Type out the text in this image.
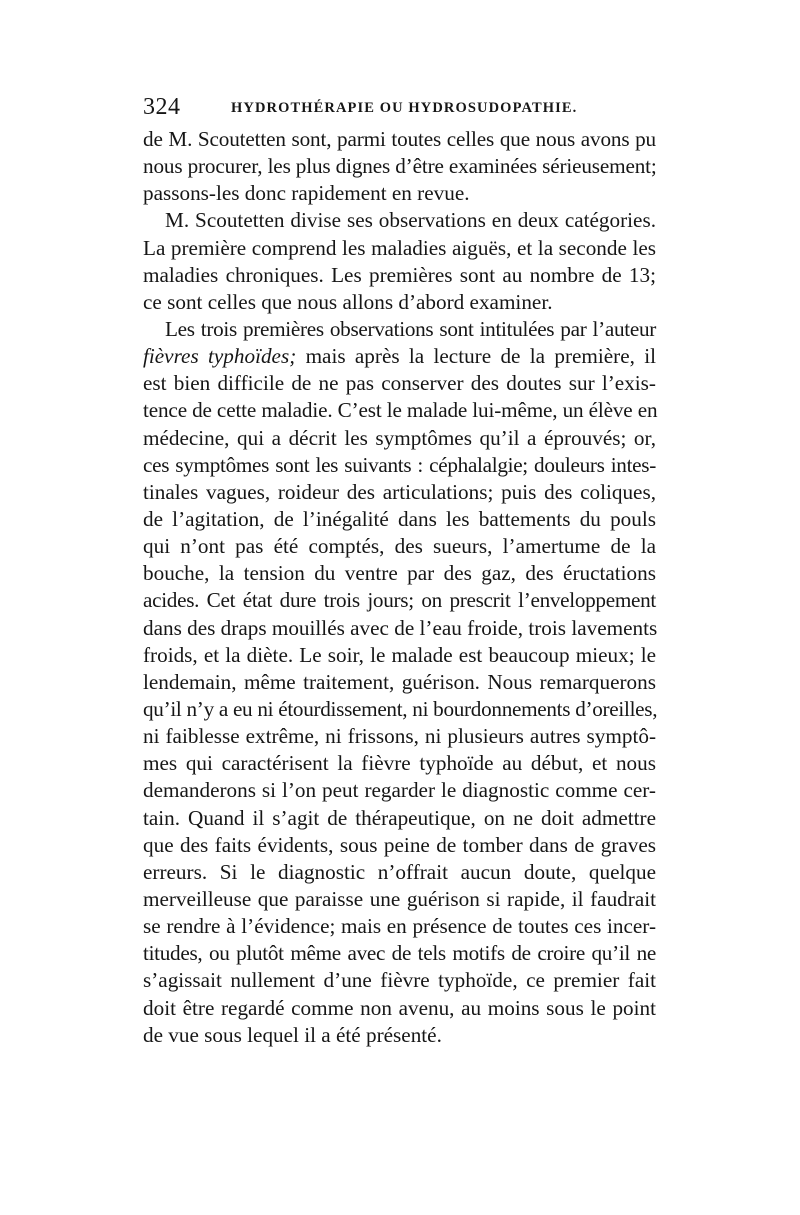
324	HYDROTHÉRAPIE OU HYDROSUDOPATHIE.
de M. Scoutetten sont, parmi toutes celles que nous avons pu
nous procurer, les plus dignes d’être examinées sérieusement;
passons-les donc rapidement en revue.
M. Scoutetten divise ses observations en deux catégories.
La première comprend les maladies aiguës, et la seconde les
maladies chroniques. Les premières sont au nombre de 13;
ce sont celles que nous allons d’abord examiner.
Les trois premières observations sont intitulées par l’auteur
fièvres typhoïdes; mais après la lecture de la première, il
est bien difficile de ne pas conserver des doutes sur l’exis-
tence de cette maladie. C’est le malade lui-même, un élève en
médecine, qui a décrit les symptômes qu’il a éprouvés; or,
ces symptômes sont les suivants : céphalalgie; douleurs intes-
tinales vagues, roideur des articulations; puis des coliques,
de l’agitation, de l’inégalité dans les battements du pouls
qui n’ont pas été comptés, des sueurs, l’amertume de la
bouche, la tension du ventre par des gaz, des éructations
acides. Cet état dure trois jours; on prescrit l’enveloppement
dans des draps mouillés avec de l’eau froide, trois lavements
froids, et la diète. Le soir, le malade est beaucoup mieux; le
lendemain, même traitement, guérison. Nous remarquerons
qu’il n’y a eu ni étourdissement, ni bourdonnements d’oreilles,
ni faiblesse extrême, ni frissons, ni plusieurs autres symptô-
mes qui caractérisent la fièvre typhoïde au début, et nous
demanderons si l’on peut regarder le diagnostic comme cer-
tain. Quand il s’agit de thérapeutique, on ne doit admettre
que des faits évidents, sous peine de tomber dans de graves
erreurs. Si le diagnostic n’offrait aucun doute, quelque
merveilleuse que paraisse une guérison si rapide, il faudrait
se rendre à l’évidence; mais en présence de toutes ces incer-
titudes, ou plutôt même avec de tels motifs de croire qu’il ne
s’agissait nullement d’une fièvre typhoïde, ce premier fait
doit être regardé comme non avenu, au moins sous le point
de vue sous lequel il a été présenté.
